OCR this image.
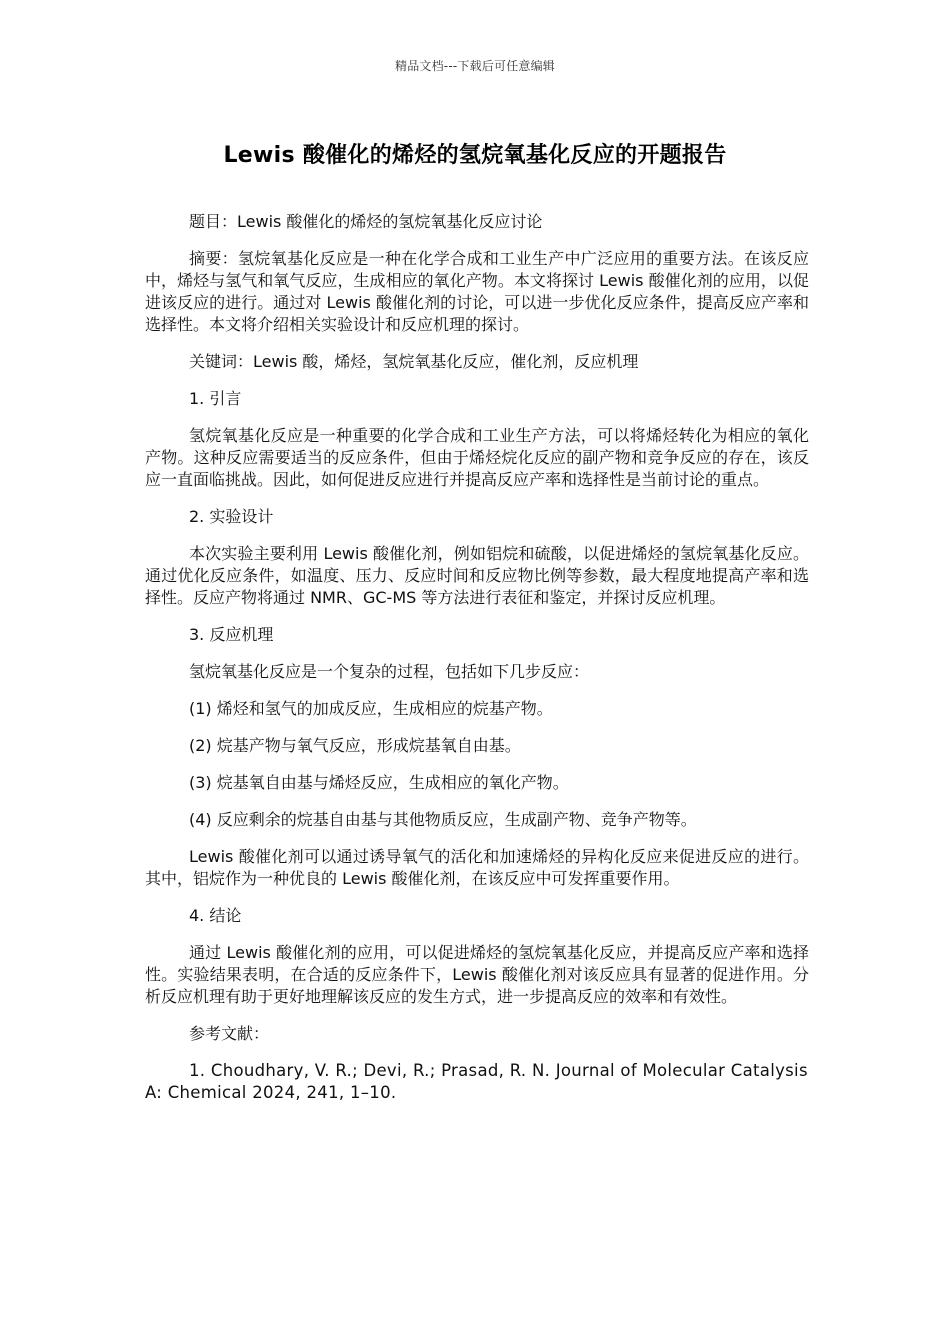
精品文档---下载后可任意编辑
Lewis 酸催化的烯烃的氢烷氧基化反应的开题报告

题目：Lewis 酸催化的烯烃的氢烷氧基化反应讨论

摘要：氢烷氧基化反应是一种在化学合成和工业生产中广泛应用的重要方法。在该反应中，烯烃与氢气和氧气反应，生成相应的氧化产物。本文将探讨 Lewis 酸催化剂的应用，以促进该反应的进行。通过对 Lewis 酸催化剂的讨论，可以进一步优化反应条件，提高反应产率和选择性。本文将介绍相关实验设计和反应机理的探讨。

关键词：Lewis 酸，烯烃，氢烷氧基化反应，催化剂，反应机理

1. 引言

氢烷氧基化反应是一种重要的化学合成和工业生产方法，可以将烯烃转化为相应的氧化产物。这种反应需要适当的反应条件，但由于烯烃烷化反应的副产物和竞争反应的存在，该反应一直面临挑战。因此，如何促进反应进行并提高反应产率和选择性是当前讨论的重点。

2. 实验设计

本次实验主要利用 Lewis 酸催化剂，例如铝烷和硫酸，以促进烯烃的氢烷氧基化反应。通过优化反应条件，如温度、压力、反应时间和反应物比例等参数，最大程度地提高产率和选择性。反应产物将通过 NMR、GC-MS 等方法进行表征和鉴定，并探讨反应机理。

3. 反应机理

氢烷氧基化反应是一个复杂的过程，包括如下几步反应：

(1) 烯烃和氢气的加成反应，生成相应的烷基产物。

(2) 烷基产物与氧气反应，形成烷基氧自由基。

(3) 烷基氧自由基与烯烃反应，生成相应的氧化产物。

(4) 反应剩余的烷基自由基与其他物质反应，生成副产物、竞争产物等。

Lewis 酸催化剂可以通过诱导氧气的活化和加速烯烃的异构化反应来促进反应的进行。其中，铝烷作为一种优良的 Lewis 酸催化剂，在该反应中可发挥重要作用。

4. 结论

通过 Lewis 酸催化剂的应用，可以促进烯烃的氢烷氧基化反应，并提高反应产率和选择性。实验结果表明，在合适的反应条件下，Lewis 酸催化剂对该反应具有显著的促进作用。分析反应机理有助于更好地理解该反应的发生方式，进一步提高反应的效率和有效性。

参考文献：

1. Choudhary, V. R.; Devi, R.; Prasad, R. N. Journal of Molecular Catalysis A: Chemical 2024, 241, 1–10.
